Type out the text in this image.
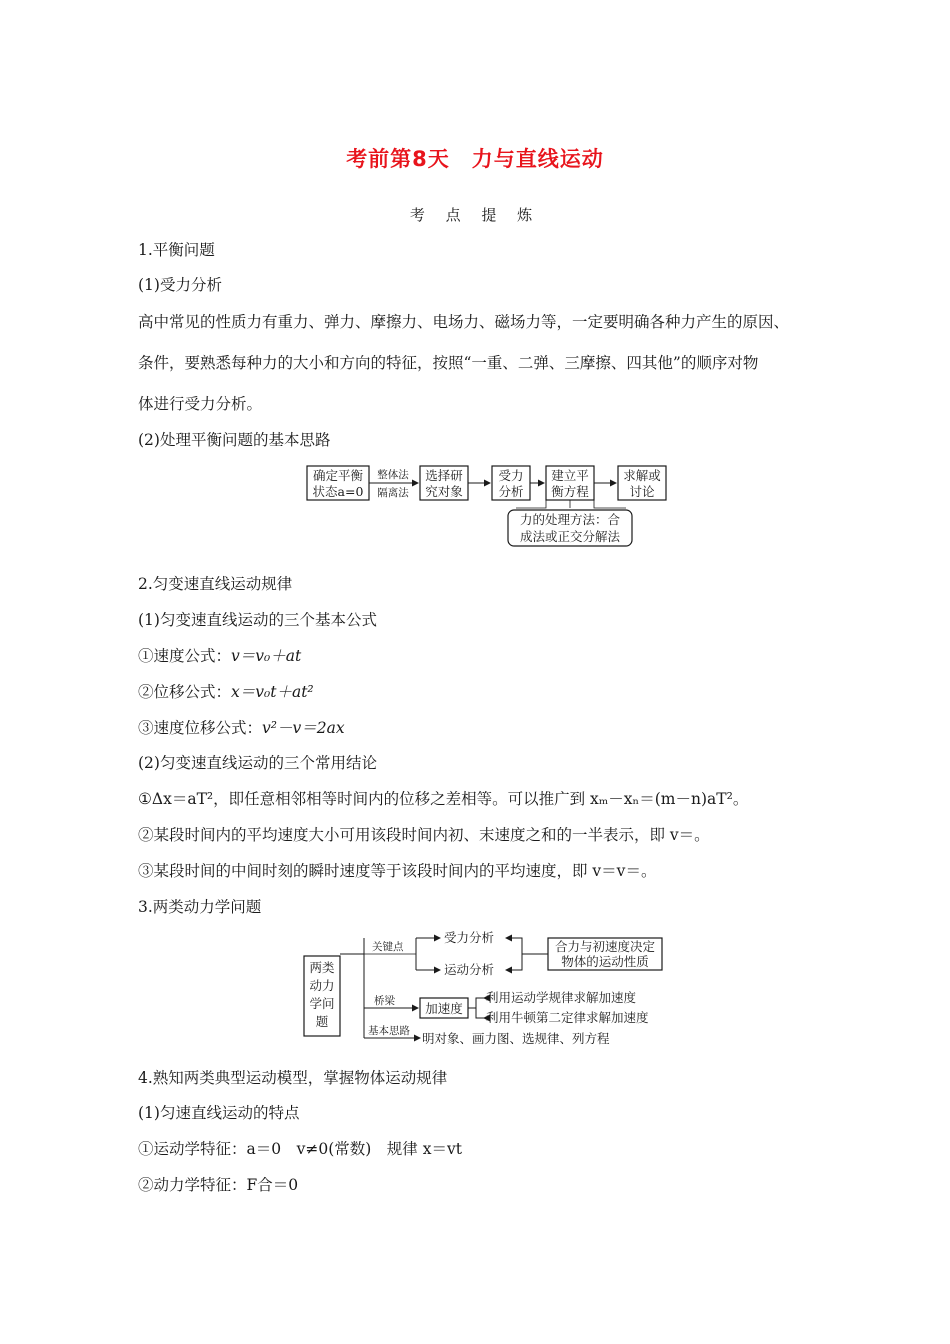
考前第8天　力与直线运动
考 点 提 炼
1.平衡问题
(1)受力分析
高中常见的性质力有重力、弹力、摩擦力、电场力、磁场力等，一定要明确各种力产生的原因、
条件，要熟悉每种力的大小和方向的特征，按照“一重、二弹、三摩擦、四其他”的顺序对物
体进行受力分析。
(2)处理平衡问题的基本思路
确定平衡
状态a=0
整体法
隔离法
选择研
究对象
受力
分析
建立平
衡方程
求解或
讨论
力的处理方法：合
成法或正交分解法
2.匀变速直线运动规律
(1)匀变速直线运动的三个基本公式
①速度公式：v＝v₀＋at
②位移公式：x＝v₀t＋at²
③速度位移公式：v²－v＝2ax
(2)匀变速直线运动的三个常用结论
①Δx＝aT²，即任意相邻相等时间内的位移之差相等。可以推广到 xₘ－xₙ＝(m－n)aT²。
②某段时间内的平均速度大小可用该段时间内初、末速度之和的一半表示，即 v＝。
③某段时间的中间时刻的瞬时速度等于该段时间内的平均速度，即 v＝v＝。
3.两类动力学问题
两类
动力
学问
题
关键点
受力分析
运动分析
合力与初速度决定
物体的运动性质
桥梁 加速度
利用运动学规律求解加速度
利用牛顿第二定律求解加速度
基本思路 明对象、画力图、选规律、列方程
4.熟知两类典型运动模型，掌握物体运动规律
(1)匀速直线运动的特点
①运动学特征：a＝0　v≠0(常数)　规律 x＝vt
②动力学特征：F合＝0
